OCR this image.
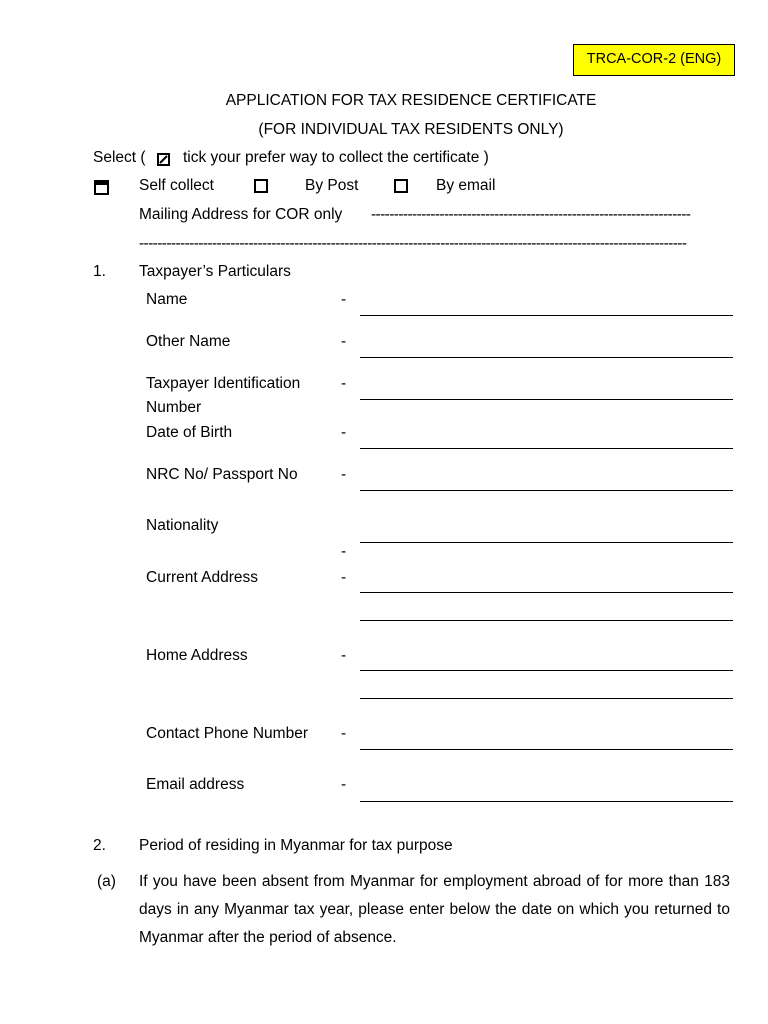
TRCA-COR-2 (ENG)
APPLICATION FOR TAX RESIDENCE CERTIFICATE
(FOR INDIVIDUAL TAX RESIDENTS ONLY)
Select ( tick your prefer way to collect the certificate )
Self collect	By Post	By email
Mailing Address for COR only ----------------------------------------------------------------------
------------------------------------------------------------------------------------------------------------------------
1. Taxpayer’s Particulars
Name	-
Other Name	-
Taxpayer Identification
Number
-
Date of Birth	-
NRC No/ Passport No	-
Nationality
-
Current Address	-
Home Address	-
Contact Phone Number -
Email address	-
2. Period of residing in Myanmar for tax purpose
(a) If you have been absent from Myanmar for employment abroad of for more than 183 days in any Myanmar tax year, please enter below the date on which you returned to Myanmar after the period of absence.
